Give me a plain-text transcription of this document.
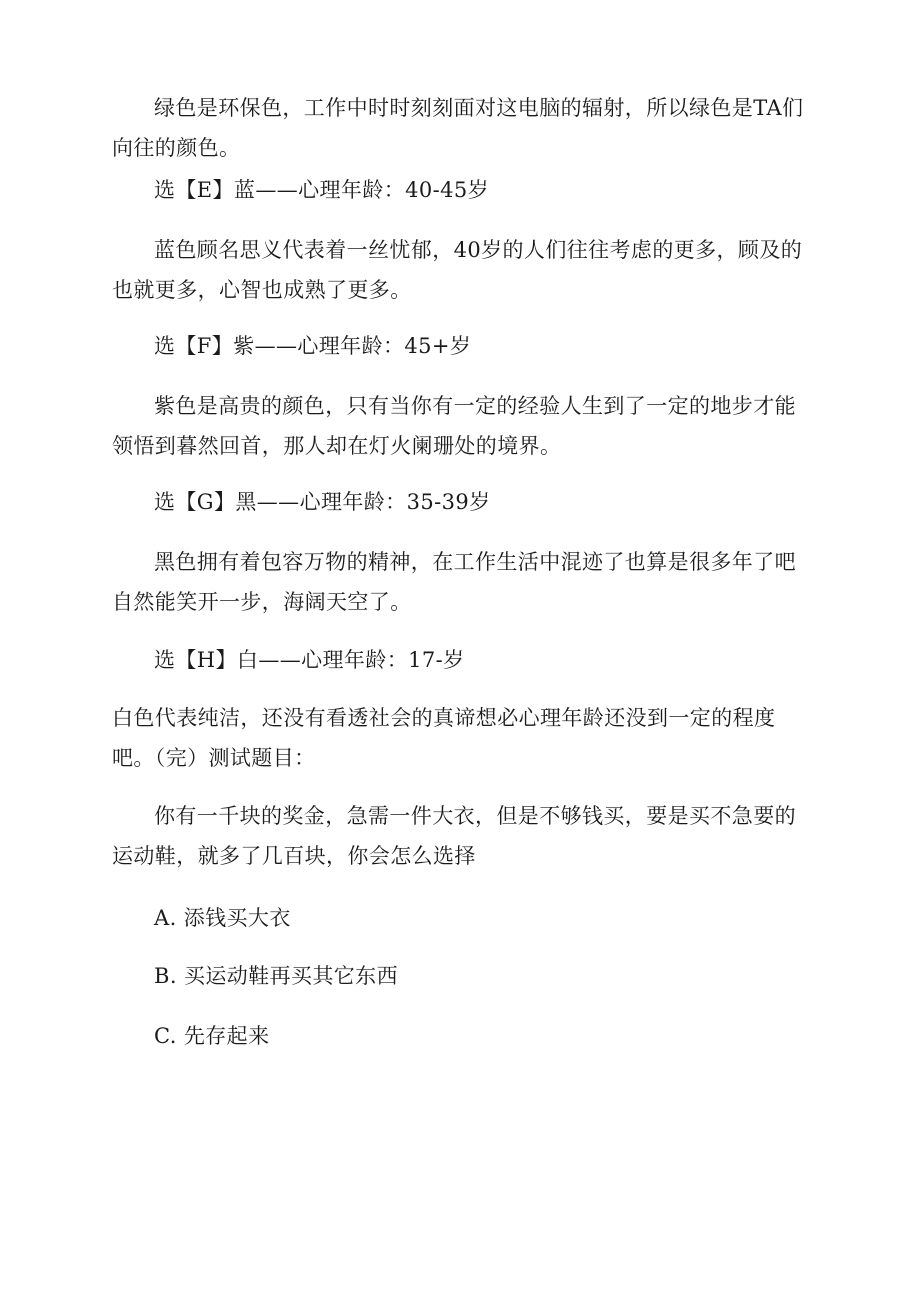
绿色是环保色，工作中时时刻刻面对这电脑的辐射，所以绿色是TA们向往的颜色。

选【E】蓝——心理年龄：40-45岁

蓝色顾名思义代表着一丝忧郁，40岁的人们往往考虑的更多，顾及的也就更多，心智也成熟了更多。

选【F】紫——心理年龄：45+岁

紫色是高贵的颜色，只有当你有一定的经验人生到了一定的地步才能领悟到暮然回首，那人却在灯火阑珊处的境界。

选【G】黑——心理年龄：35-39岁

黑色拥有着包容万物的精神，在工作生活中混迹了也算是很多年了吧自然能笑开一步，海阔天空了。

选【H】白——心理年龄：17-岁

白色代表纯洁，还没有看透社会的真谛想必心理年龄还没到一定的程度吧。（完）测试题目：

你有一千块的奖金，急需一件大衣，但是不够钱买，要是买不急要的运动鞋，就多了几百块，你会怎么选择

A. 添钱买大衣

B. 买运动鞋再买其它东西

C. 先存起来
